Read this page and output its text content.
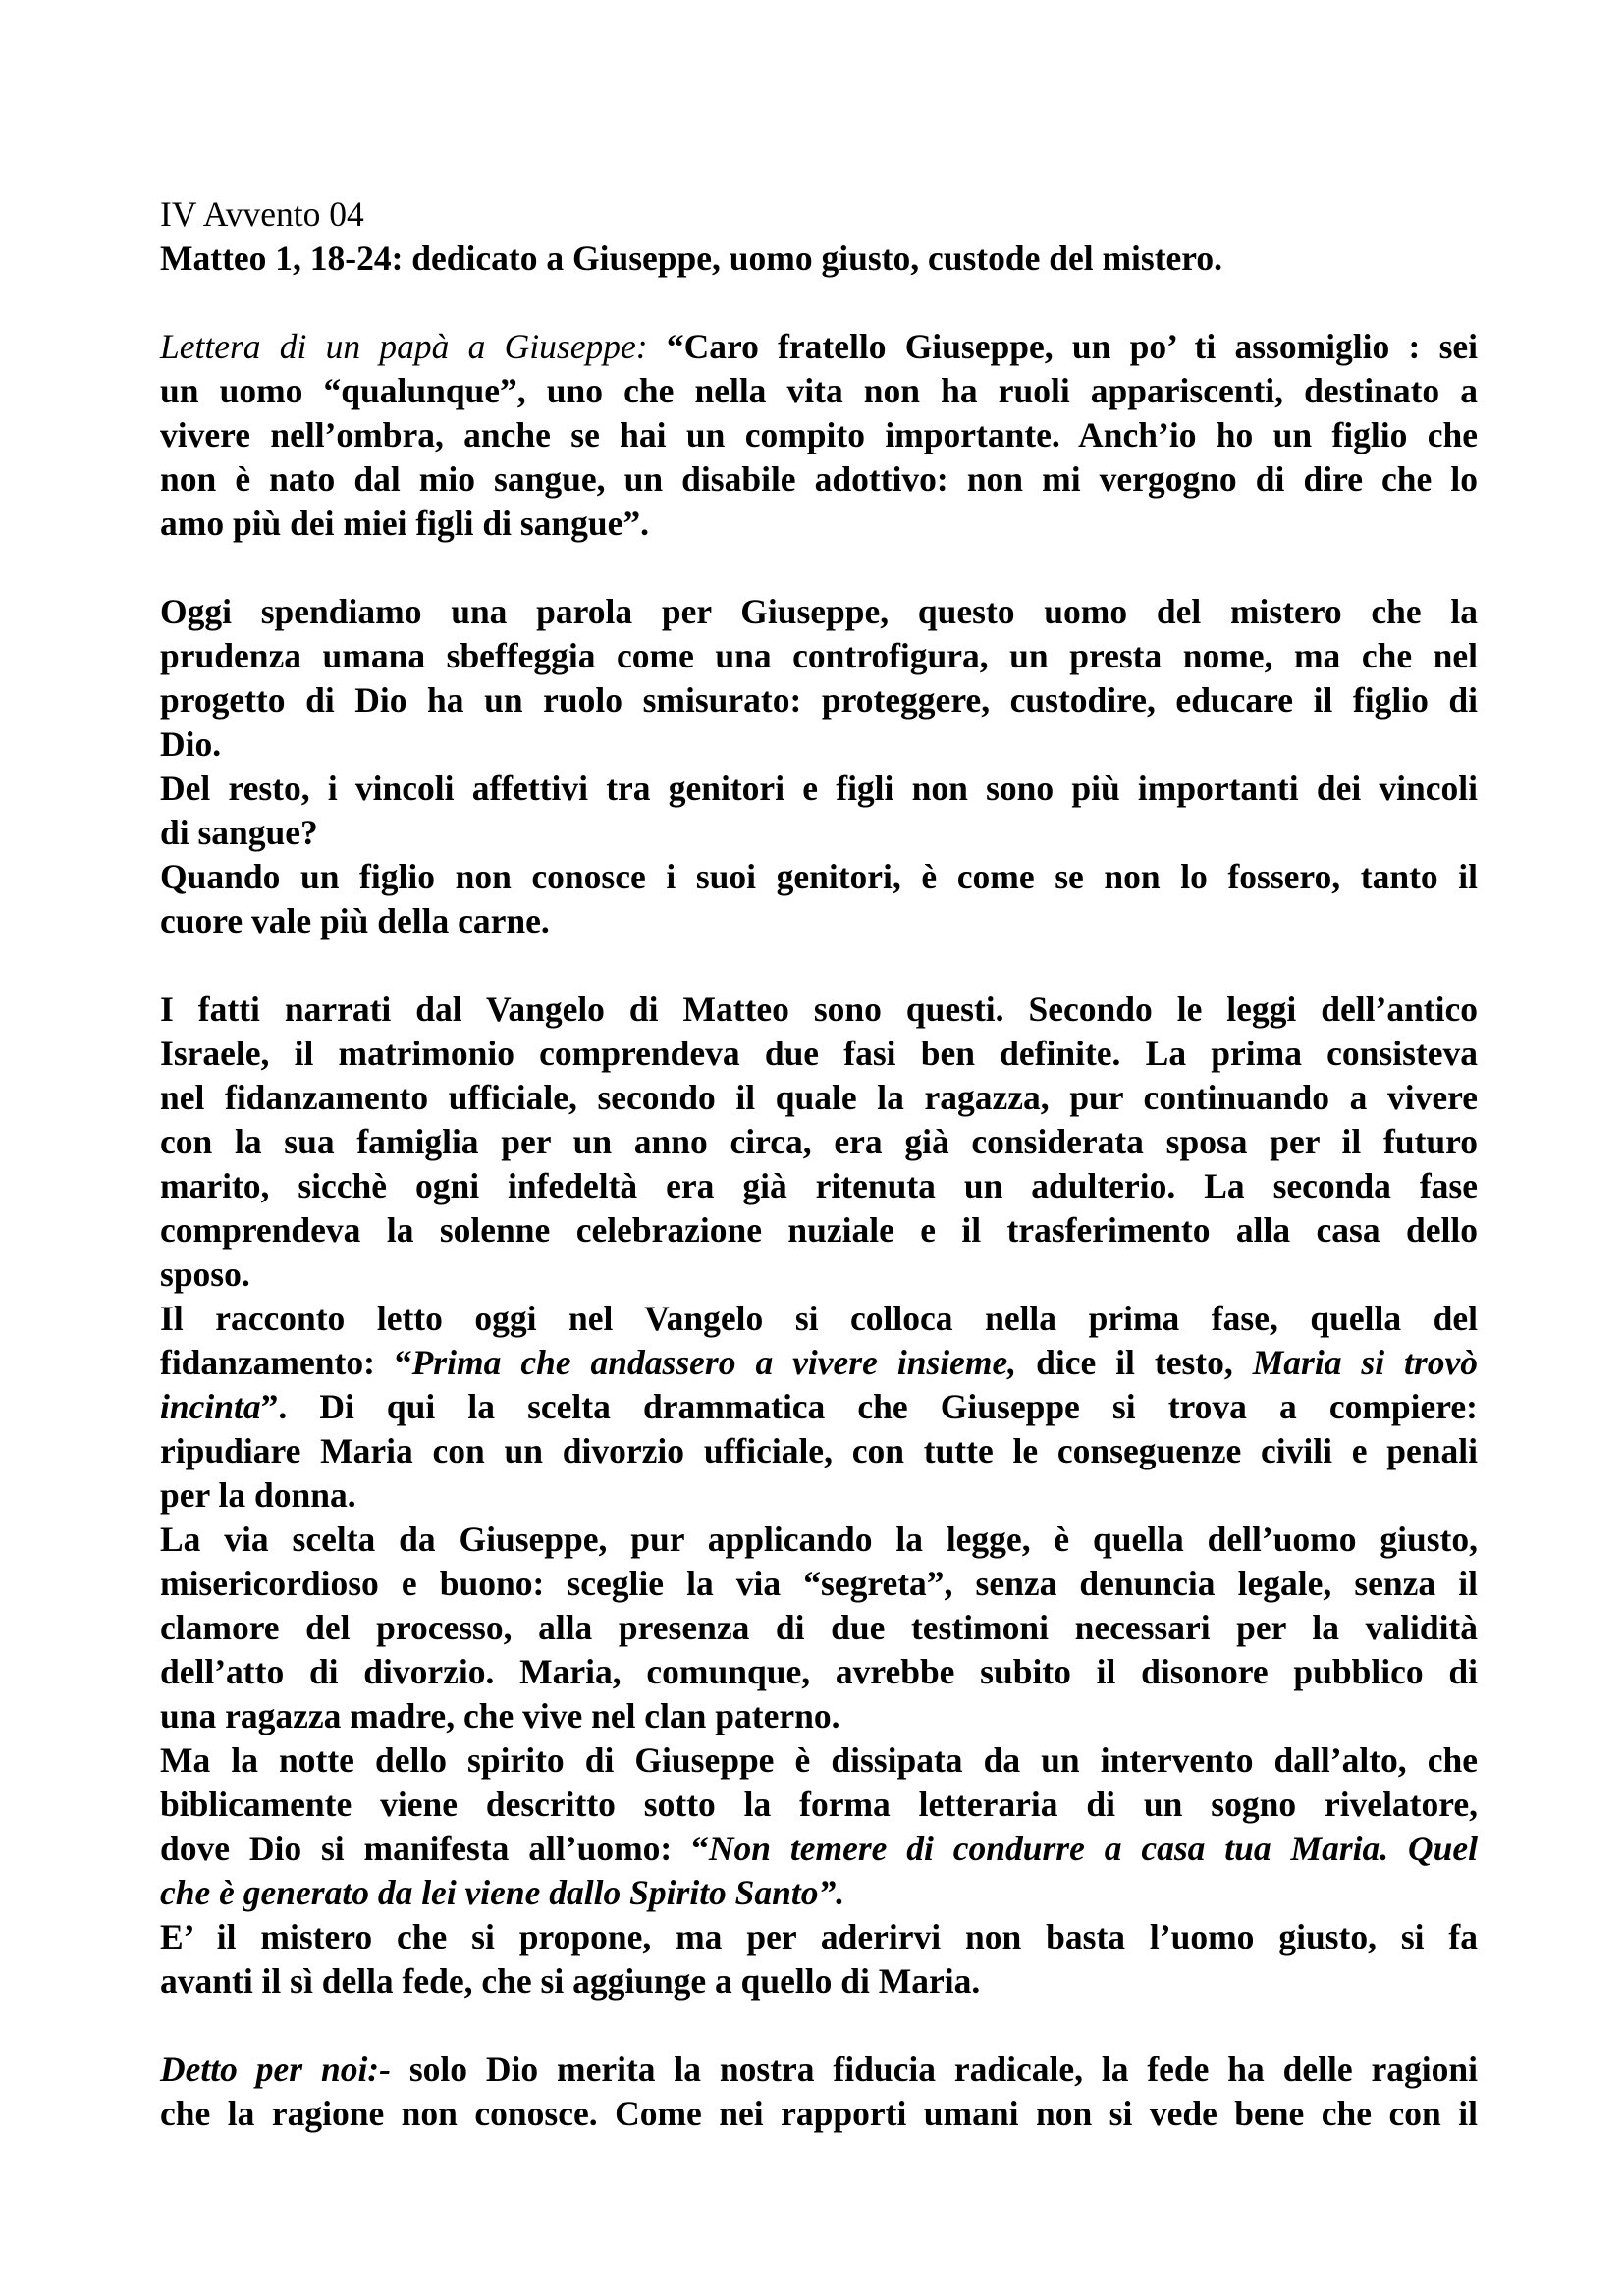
IV Avvento 04
Matteo 1, 18-24: dedicato a Giuseppe, uomo giusto, custode del mistero.
Lettera di un papà a Giuseppe: “Caro fratello Giuseppe, un po’ ti assomiglio : sei
un uomo “qualunque”, uno che nella vita non ha ruoli appariscenti, destinato a
vivere nell’ombra, anche se hai un compito importante. Anch’io ho un figlio che
non è nato dal mio sangue, un disabile adottivo: non mi vergogno di dire che lo
amo più dei miei figli di sangue”.
Oggi spendiamo una parola per Giuseppe, questo uomo del mistero che la
prudenza umana sbeffeggia come una controfigura, un presta nome, ma che nel
progetto di Dio ha un ruolo smisurato: proteggere, custodire, educare il figlio di
Dio.
Del resto, i vincoli affettivi tra genitori e figli non sono più importanti dei vincoli
di sangue?
Quando un figlio non conosce i suoi genitori, è come se non lo fossero, tanto il
cuore vale più della carne.
I fatti narrati dal Vangelo di Matteo sono questi. Secondo le leggi dell’antico
Israele, il matrimonio comprendeva due fasi ben definite. La prima consisteva
nel fidanzamento ufficiale, secondo il quale la ragazza, pur continuando a vivere
con la sua famiglia per un anno circa, era già considerata sposa per il futuro
marito, sicchè ogni infedeltà era già ritenuta un adulterio. La seconda fase
comprendeva la solenne celebrazione nuziale e il trasferimento alla casa dello
sposo.
Il racconto letto oggi nel Vangelo si colloca nella prima fase, quella del
fidanzamento: “Prima che andassero a vivere insieme, dice il testo, Maria si trovò
incinta”. Di qui la scelta drammatica che Giuseppe si trova a compiere:
ripudiare Maria con un divorzio ufficiale, con tutte le conseguenze civili e penali
per la donna.
La via scelta da Giuseppe, pur applicando la legge, è quella dell’uomo giusto,
misericordioso e buono: sceglie la via “segreta”, senza denuncia legale, senza il
clamore del processo, alla presenza di due testimoni necessari per la validità
dell’atto di divorzio. Maria, comunque, avrebbe subito il disonore pubblico di
una ragazza madre, che vive nel clan paterno.
Ma la notte dello spirito di Giuseppe è dissipata da un intervento dall’alto, che
biblicamente viene descritto sotto la forma letteraria di un sogno rivelatore,
dove Dio si manifesta all’uomo: “Non temere di condurre a casa tua Maria. Quel
che è generato da lei viene dallo Spirito Santo”.
E’ il mistero che si propone, ma per aderirvi non basta l’uomo giusto, si fa
avanti il sì della fede, che si aggiunge a quello di Maria.
Detto per noi:- solo Dio merita la nostra fiducia radicale, la fede ha delle ragioni
che la ragione non conosce. Come nei rapporti umani non si vede bene che con il
